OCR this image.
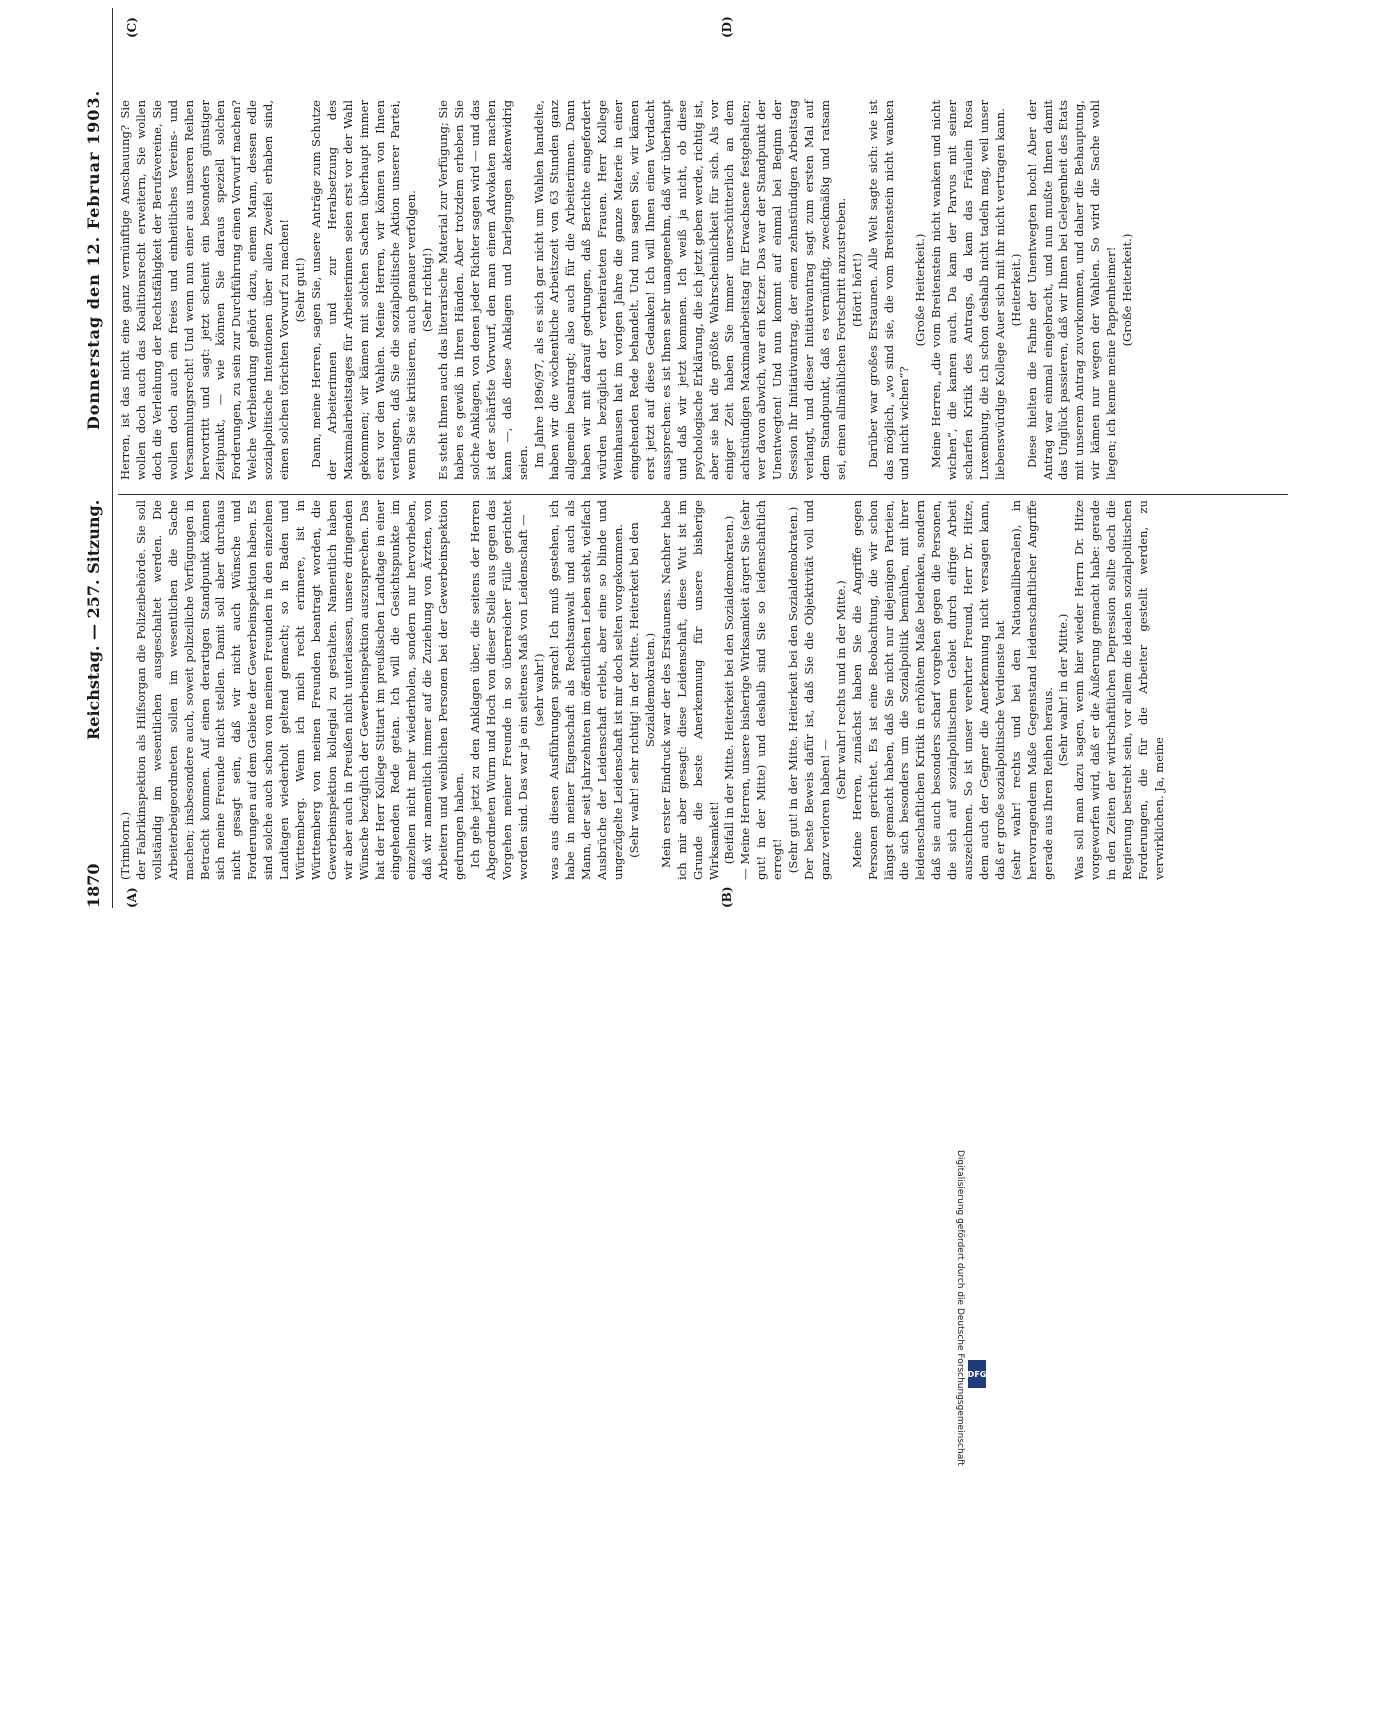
1870
Reichstag. — 257. Sitzung.
Donnerstag den 12. Februar 1903.
(A)	(B)
(C)	(D)

(Trimborn.) der Fabrikinspektion als Hilfsorgan die Polizeibehörde. Sie soll vollständig im wesentlichen ausgeschaltet werden. Die Arbeiterbeigeordneten sollen im wesentlichen die Sache machen; insbesondere auch, soweit polizeiliche Verfügungen in Betracht kommen. Auf einen derartigen Standpunkt können sich meine Freunde nicht stellen. Damit soll aber durchaus nicht gesagt sein, daß wir nicht auch Wünsche und Forderungen auf dem Gebiete der Gewerbeinspektion haben. Es sind solche auch schon von meinen Freunden in den einzelnen Landtagen wiederholt geltend gemacht; so in Baden und Württemberg. Wenn ich mich recht erinnere, ist in Württemberg von meinen Freunden beantragt worden, die Gewerbeinspektion kollegial zu gestalten. Namentlich haben wir aber auch in Preußen nicht unterlassen, unsere dringenden Wünsche bezüglich der Gewerbeinspektion auszusprechen. Das hat der Herr Kollege Stittart im preußischen Landtage in einer eingehenden Rede getan. Ich will die Gesichtspunkte im einzelnen nicht mehr wiederholen, sondern nur hervorheben, daß wir namentlich immer auf die Zuziehung von Ärzten, von Arbeitern und weiblichen Personen bei der Gewerbeinspektion gedrungen haben. Ich gehe jetzt zu den Anklagen über, die seitens der Herren Abgeordneten Wurm und Hoch von dieser Stelle aus gegen das Vorgehen meiner Freunde in so überreicher Fülle gerichtet worden sind. Das war ja ein seltenes Maß von Leidenschaft — (sehr wahr!) was aus diesen Ausführungen sprach! Ich muß gestehen, ich habe in meiner Eigenschaft als Rechtsanwalt und auch als Mann, der seit Jahrzehnten im öffentlichen Leben steht, vielfach Ausbrüche der Leidenschaft erlebt, aber eine so blinde und ungezügelte Leidenschaft ist mir doch selten vorgekommen. (Sehr wahr! sehr richtig! in der Mitte. Heiterkeit bei den Sozialdemokraten.) Mein erster Eindruck war der des Erstaunens. Nachher habe ich mir aber gesagt: diese Leidenschaft, diese Wut ist im Grunde die beste Anerkennung für unsere bisherige Wirksamkeit! (Beifall in der Mitte. Heiterkeit bei den Sozialdemokraten.) — Meine Herren, unsere bisherige Wirksamkeit ärgert Sie (sehr gut! in der Mitte) und deshalb sind Sie so leidenschaftlich erregt! (Sehr gut! in der Mitte. Heiterkeit bei den Sozialdemokraten.) Der beste Beweis dafür ist, daß Sie die Objektivität voll und ganz verloren haben! —

(Sehr wahr! rechts und in der Mitte.) Meine Herren, zunächst haben Sie die Angriffe gegen Personen gerichtet. Es ist eine Beobachtung, die wir schon längst gemacht haben, daß Sie nicht nur diejenigen Parteien, die sich besonders um die Sozialpolitik bemühen, mit ihrer leidenschaftlichen Kritik in erhöhtem Maße bedenken, sondern daß sie auch besonders scharf vorgehen gegen die Personen, die sich auf sozialpolitischem Gebiet durch eifrige Arbeit auszeichnen. So ist unser verehrter Freund, Herr Dr. Hitze, dem auch der Gegner die Anerkennung nicht versagen kann, daß er große sozialpolitische Verdienste hat (sehr wahr! rechts und bei den Nationalliberalen), in hervorragendem Maße Gegenstand leidenschaftlicher Angriffe gerade aus Ihren Reihen heraus. (Sehr wahr! in der Mitte.) Was soll man dazu sagen, wenn hier wieder Herrn Dr. Hitze vorgeworfen wird, daß er die Äußerung gemacht habe: gerade in den Zeiten der wirtschaftlichen Depression sollte doch die Regierung bestrebt sein, vor allem die idealen sozialpolitischen Forderungen, die für die Arbeiter gestellt werden, zu verwirklichen. Ja, meine

Herren, ist das nicht eine ganz vernünftige Anschauung? Sie wollen doch auch das Koalitionsrecht erweitern, Sie wollen doch die Verleihung der Rechtsfähigkeit der Berufsvereine, Sie wollen doch auch ein freies und einheitliches Vereins- und Versammlungsrecht! Und wenn nun einer aus unseren Reihen hervortritt und sagt: jetzt scheint ein besonders günstiger Zeitpunkt, — wie können Sie daraus speziell solchen Forderungen, zu sein zur Durchführung einen Vorwurf machen? Welche Verblendung gehört dazu, einem Mann, dessen edle sozialpolitische Intentionen über allen Zweifel erhaben sind, einen solchen törichten Vorwurf zu machen! (Sehr gut!) Dann, meine Herren, sagen Sie, unsere Anträge zum Schutze der Arbeiterinnen und zur Herabsetzung des Maximalarbeitstages für Arbeiterinnen seien erst vor der Wahl gekommen; wir kämen mit solchen Sachen überhaupt immer erst vor den Wahlen. Meine Herren, wir können von Ihnen verlangen, daß Sie die sozialpolitische Aktion unserer Partei, wenn Sie sie kritisieren, auch genauer verfolgen. (Sehr richtig!) Es steht Ihnen auch das literarische Material zur Verfügung; Sie haben es gewiß in Ihren Händen. Aber trotzdem erheben Sie solche Anklagen, von denen jeder Richter sagen wird — und das ist der schärfste Vorwurf, den man einem Advokaten machen kann —, daß diese Anklagen und Darlegungen aktenwidrig seien. Im Jahre 1896/97, als es sich gar nicht um Wahlen handelte, haben wir die wöchentliche Arbeitszeit von 63 Stunden ganz allgemein beantragt; also auch für die Arbeiterinnen. Dann haben wir mit darauf gedrungen, daß Berichte eingefordert würden bezüglich der verheirateten Frauen. Herr Kollege Weinhausen hat im vorigen Jahre die ganze Materie in einer eingehenden Rede behandelt. Und nun sagen Sie, wir kämen erst jetzt auf diese Gedanken! Ich will Ihnen einen Verdacht aussprechen: es ist Ihnen sehr unangenehm, daß wir überhaupt und daß wir jetzt kommen. Ich weiß ja nicht, ob diese psychologische Erklärung, die ich jetzt geben werde, richtig ist, aber sie hat die größte Wahrscheinlichkeit für sich. Als vor einiger Zeit haben Sie immer unerschütterlich an dem achtstündigen Maximalarbeitstag für Erwachsene festgehalten; wer davon abwich, war ein Ketzer. Das war der Standpunkt der Unentwegten! Und nun kommt auf einmal bei Beginn der Session Ihr Initiativantrag, der einen zehnstündigen Arbeitstag verlangt, und dieser Initiativantrag sagt zum ersten Mal auf dem Standpunkt, daß es vernünftig, zweckmäßig und ratsam sei, einen allmählichen Fortschritt anzustreben. (Hört! hört!) Darüber war großes Erstaunen. Alle Welt sagte sich: wie ist das möglich, „wo sind sie, die vom Breitenstein nicht wanken und nicht wichen“?

(Große Heiterkeit.) Meine Herren, „die vom Breitenstein nicht wanken und nicht wichen“, die kamen auch. Da kam der Parvus mit seiner scharfen Kritik des Antrags, da kam das Fräulein Rosa Luxemburg, die ich schon deshalb nicht tadeln mag, weil unser liebenswürdige Kollege Auer sich mit ihr nicht vertragen kann. (Heiterkeit.) Diese hielten die Fahne der Unentwegten hoch! Aber der Antrag war einmal eingebracht, und nun mußte Ihnen damit das Unglück passieren, daß wir Ihnen bei Gelegenheit des Etats mit unserem Antrag zuvorkommen, und daher die Behauptung, wir kämen nur wegen der Wahlen. So wird die Sache wohl liegen; ich kenne meine Pappenheimer! (Große Heiterkeit.)

Digitalisierung gefördert durch die Deutsche Forschungsgemeinschaft DFG
